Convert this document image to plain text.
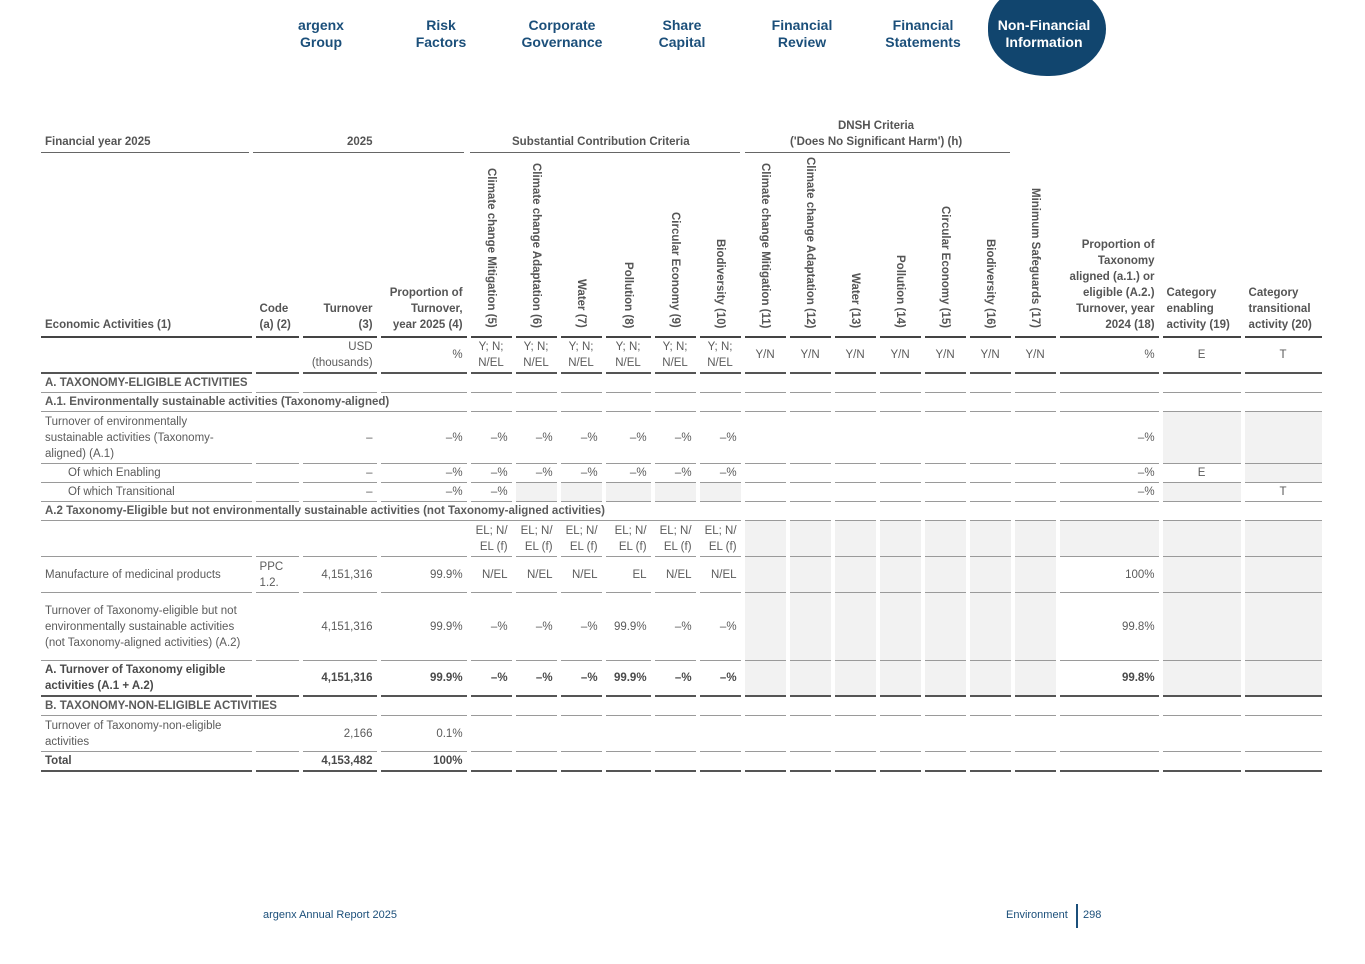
argenx
Group
Risk
Factors
Corporate
Governance
Share
Capital
Financial
Review
Financial
Statements
Non-Financial
Information
Financial year 2025	2025	Substantial Contribution Criteria
DNSH Criteria
('Does No Significant Harm') (h)
Economic Activities (1)	Code (a) (2)	Turnover (3)	Proportion of Turnover, year 2025 (4)	Climate change Mitigation (5)	Climate change Adaptation (6)	Water (7)	Pollution (8)	Circular Economy (9)	Biodiversity (10)	Climate change Mitigation (11)	Climate change Adaptation (12)	Water (13)	Pollution (14)	Circular Economy (15)	Biodiversity (16)	Minimum Safeguards (17)	Proportion of Taxonomy aligned (a.1.) or eligible (A.2.) Turnover, year 2024 (18)	Category enabling activity (19)	Category transitional activity (20)
		USD (thousands)	%	Y; N; N/EL	Y; N; N/EL	Y; N; N/EL	Y; N; N/EL	Y; N; N/EL	Y; N; N/EL	Y/N	Y/N	Y/N	Y/N	Y/N	Y/N	Y/N	%	E	T
A. TAXONOMY-ELIGIBLE ACTIVITIES																			
A.1. Environmentally sustainable activities (Taxonomy-aligned)																			
Turnover of environmentally sustainable activities (Taxonomy-aligned) (A.1)		–	–%	–%	–%	–%	–%	–%	–%								–%		
Of which Enabling		–	–%	–%	–%	–%	–%	–%	–%								–%	E	
Of which Transitional		–	–%	–%													–%		T
A.2 Taxonomy-Eligible but not environmentally sustainable activities (not Taxonomy-aligned activities)																			
				EL; N/ EL (f)	EL; N/ EL (f)	EL; N/ EL (f)	EL; N/ EL (f)	EL; N/ EL (f)	EL; N/ EL (f)										
Manufacture of medicinal products	PPC 1.2.	4,151,316	99.9%	N/EL	N/EL	N/EL	EL	N/EL	N/EL								100%		
Turnover of Taxonomy-eligible but not environmentally sustainable activities (not Taxonomy-aligned activities) (A.2)		4,151,316	99.9%	–%	–%	–%	99.9%	–%	–%								99.8%		
A. Turnover of Taxonomy eligible activities (A.1 + A.2)		4,151,316	99.9%	–%	–%	–%	99.9%	–%	–%								99.8%		
B. TAXONOMY-NON-ELIGIBLE ACTIVITIES																			
Turnover of Taxonomy-non-eligible activities		2,166	0.1%																
Total		4,153,482	100%																
argenx Annual Report 2025	Environment 298
